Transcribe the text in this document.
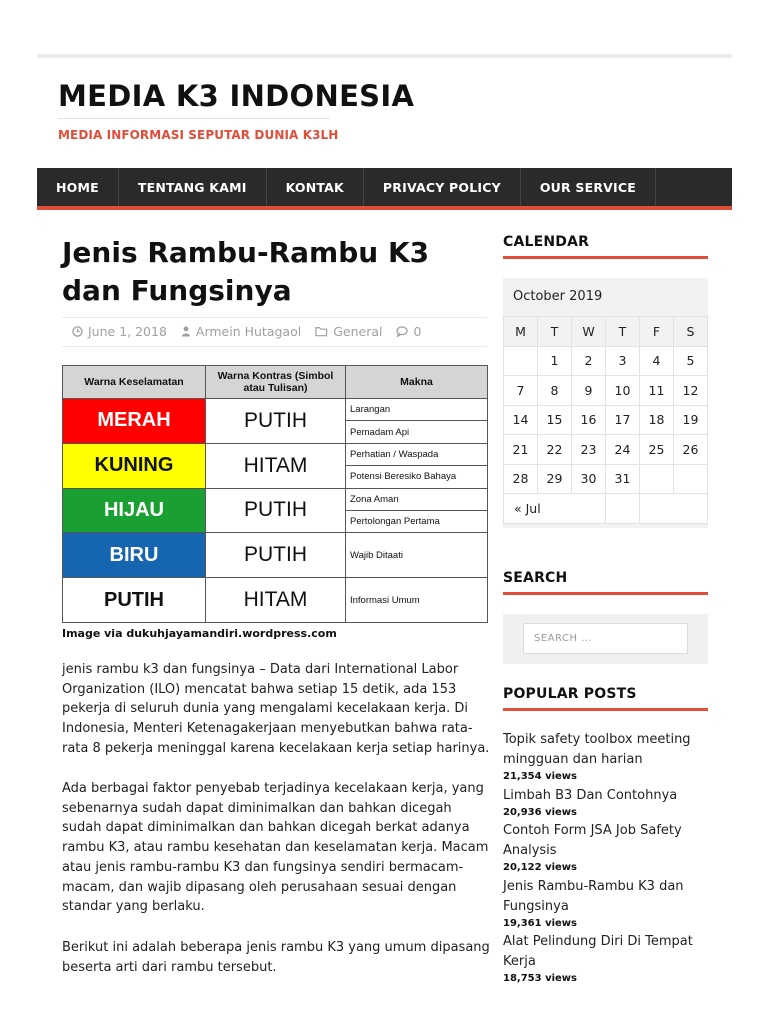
MEDIA K3 INDONESIA
MEDIA INFORMASI SEPUTAR DUNIA K3LH
HOME	TENTANG KAMI	KONTAK	PRIVACY POLICY	OUR SERVICE
Jenis Rambu-Rambu K3 dan Fungsinya
June 1, 2018 Armein Hutagaol	General 0
Warna Keselamatan	Warna Kontras (Simbol atau Tulisan)	Makna
MERAH	PUTIH	Larangan
		Pemadam Api
KUNING	HITAM	Perhatian / Waspada
		Potensi Beresiko Bahaya
HIJAU	PUTIH	Zona Aman
		Pertolongan Pertama
BIRU	PUTIH	Wajib Ditaati
PUTIH	HITAM	Informasi Umum
Image via dukuhjayamandiri.wordpress.com

jenis rambu k3 dan fungsinya – Data dari International Labor Organization (ILO) mencatat bahwa setiap 15 detik, ada 153 pekerja di seluruh dunia yang mengalami kecelakaan kerja. Di Indonesia, Menteri Ketenagakerjaan menyebutkan bahwa rata-rata 8 pekerja meninggal karena kecelakaan kerja setiap harinya.

Ada berbagai faktor penyebab terjadinya kecelakaan kerja, yang sebenarnya sudah dapat diminimalkan dan bahkan dicegah sudah dapat diminimalkan dan bahkan dicegah berkat adanya rambu K3, atau rambu kesehatan dan keselamatan kerja. Macam atau jenis rambu-rambu K3 dan fungsinya sendiri bermacam-macam, dan wajib dipasang oleh perusahaan sesuai dengan standar yang berlaku.

Berikut ini adalah beberapa jenis rambu K3 yang umum dipasang beserta arti dari rambu tersebut.

CALENDAR
October 2019
M	T	W	T	F	S
	1	2	3	4	5
7	8	9	10	11	12
14	15	16	17	18	19
21	22	23	24	25	26
28	29	30	31		
« Jul					
SEARCH
SEARCH ...
POPULAR POSTS
Topik safety toolbox meeting mingguan dan harian
21,354 views
Limbah B3 Dan Contohnya
20,936 views
Contoh Form JSA Job Safety Analysis
20,122 views
Jenis Rambu-Rambu K3 dan Fungsinya
19,361 views
Alat Pelindung Diri Di Tempat Kerja
18,753 views
